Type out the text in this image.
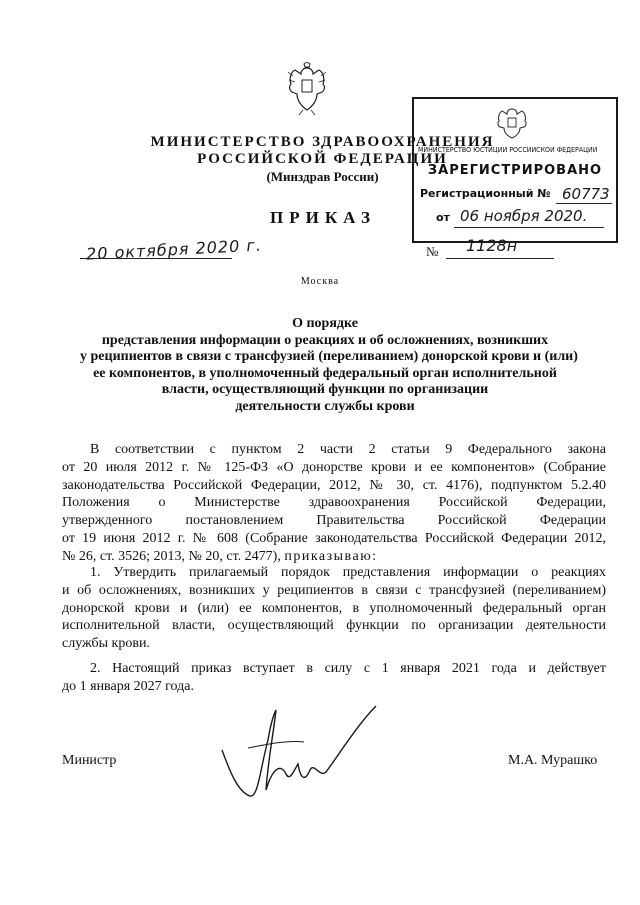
МИНИСТЕРСТВО ЗДРАВООХРАНЕНИЯ
РОССИЙСКОЙ ФЕДЕРАЦИИ
(Минздрав России)
ПРИКАЗ
20 октября 2020 г.	№ 1128н
Москва
МИНИСТЕРСТВО ЮСТИЦИИ РОССИЙСКОЙ ФЕДЕРАЦИИ
ЗАРЕГИСТРИРОВАНО
Регистрационный № 60773
от 06 ноября 2020.
О порядке
представления информации о реакциях и об осложнениях, возникших
у реципиентов в связи с трансфузией (переливанием) донорской крови и (или)
ее компонентов, в уполномоченный федеральный орган исполнительной
власти, осуществляющий функции по организации
деятельности службы крови
В соответствии с пунктом 2 части 2 статьи 9 Федерального закона
от 20 июля 2012 г. № 125-ФЗ «О донорстве крови и ее компонентов» (Собрание
законодательства Российской Федерации, 2012, № 30, ст. 4176), подпунктом 5.2.40
Положения о Министерстве здравоохранения Российской Федерации,
утвержденного постановлением Правительства Российской Федерации
от 19 июня 2012 г. № 608 (Собрание законодательства Российской Федерации 2012,
№ 26, ст. 3526; 2013, № 20, ст. 2477), приказываю:
1. Утвердить прилагаемый порядок представления информации о реакциях
и об осложнениях, возникших у реципиентов в связи с трансфузией (переливанием)
донорской крови и (или) ее компонентов, в уполномоченный федеральный орган
исполнительной власти, осуществляющий функции по организации деятельности
службы крови.
2. Настоящий приказ вступает в силу с 1 января 2021 года и действует
до 1 января 2027 года.
Министр	М.А. Мурашко
